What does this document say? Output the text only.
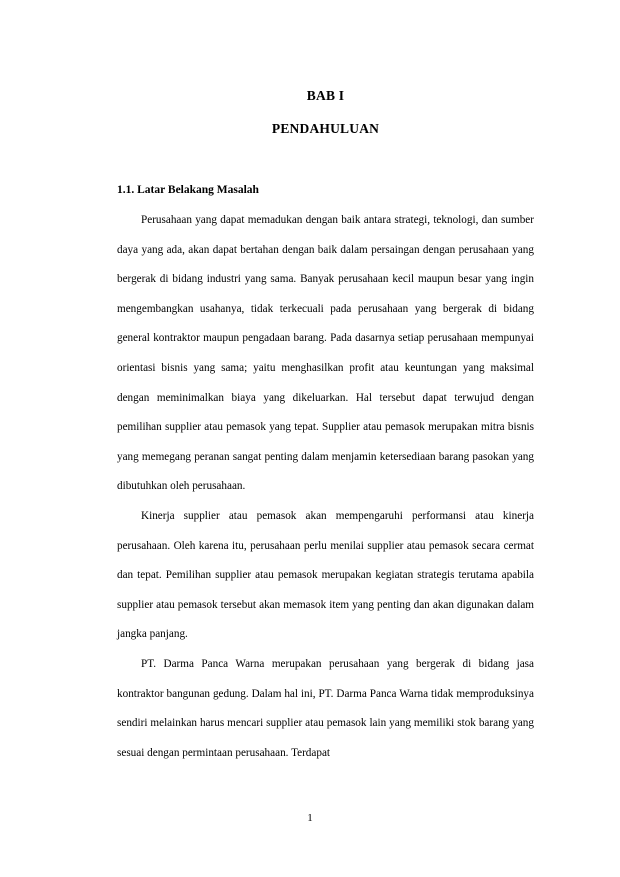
BAB I
PENDAHULUAN
1.1. Latar Belakang Masalah

Perusahaan yang dapat memadukan dengan baik antara strategi, teknologi, dan sumber daya yang ada, akan dapat bertahan dengan baik dalam persaingan dengan perusahaan yang bergerak di bidang industri yang sama. Banyak perusahaan kecil maupun besar yang ingin mengembangkan usahanya, tidak terkecuali pada perusahaan yang bergerak di bidang general kontraktor maupun pengadaan barang. Pada dasarnya setiap perusahaan mempunyai orientasi bisnis yang sama; yaitu menghasilkan profit atau keuntungan yang maksimal dengan meminimalkan biaya yang dikeluarkan. Hal tersebut dapat terwujud dengan pemilihan supplier atau pemasok yang tepat. Supplier atau pemasok merupakan mitra bisnis yang memegang peranan sangat penting dalam menjamin ketersediaan barang pasokan yang dibutuhkan oleh perusahaan.

Kinerja supplier atau pemasok akan mempengaruhi performansi atau kinerja perusahaan. Oleh karena itu, perusahaan perlu menilai supplier atau pemasok secara cermat dan tepat. Pemilihan supplier atau pemasok merupakan kegiatan strategis terutama apabila supplier atau pemasok tersebut akan memasok item yang penting dan akan digunakan dalam jangka panjang.

PT. Darma Panca Warna merupakan perusahaan yang bergerak di bidang jasa kontraktor bangunan gedung. Dalam hal ini, PT. Darma Panca Warna tidak memproduksinya sendiri melainkan harus mencari supplier atau pemasok lain yang memiliki stok barang yang sesuai dengan permintaan perusahaan. Terdapat

1
